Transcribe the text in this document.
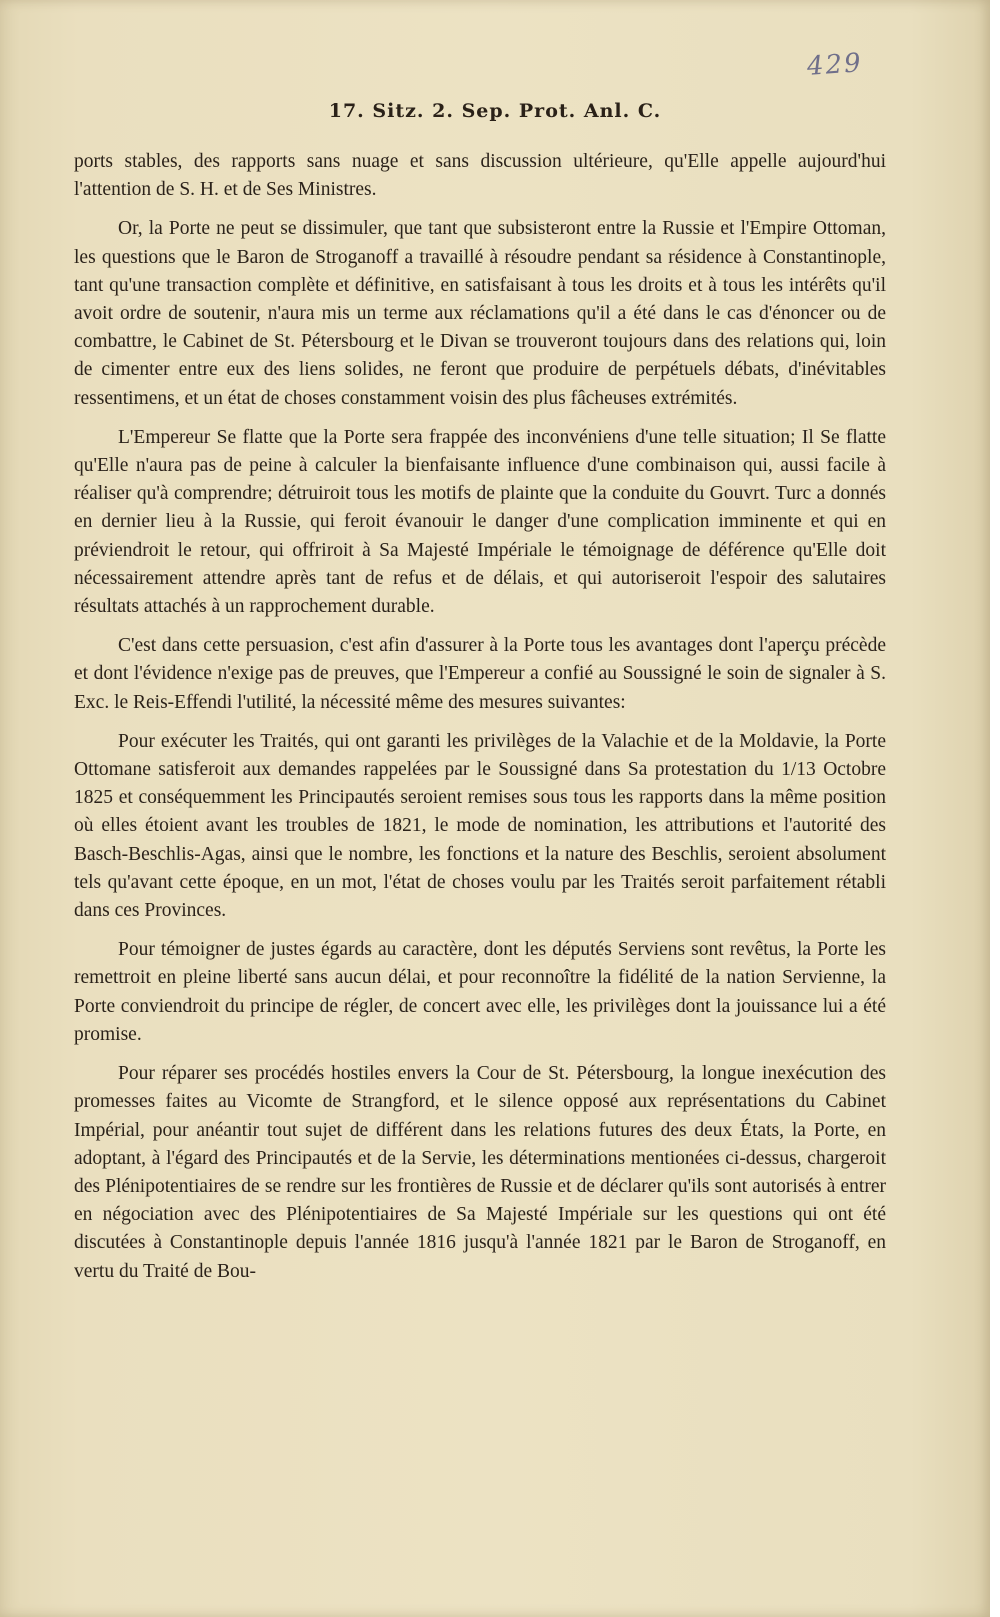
429
17. Sitz. 2. Sep. Prot. Anl. C.

ports stables, des rapports sans nuage et sans discussion ultérieure, qu'Elle appelle aujourd'hui l'attention de S. H. et de Ses Ministres.

Or, la Porte ne peut se dissimuler, que tant que subsisteront entre la Russie et l'Empire Ottoman, les questions que le Baron de Stroganoff a travaillé à résoudre pendant sa résidence à Constantinople, tant qu'une transaction complète et définitive, en satisfaisant à tous les droits et à tous les intérêts qu'il avoit ordre de soutenir, n'aura mis un terme aux réclamations qu'il a été dans le cas d'énoncer ou de combattre, le Cabinet de St. Pétersbourg et le Divan se trouveront toujours dans des relations qui, loin de cimenter entre eux des liens solides, ne feront que produire de perpétuels débats, d'inévitables ressentimens, et un état de choses constamment voisin des plus fâcheuses extrémités.

L'Empereur Se flatte que la Porte sera frappée des inconvéniens d'une telle situation; Il Se flatte qu'Elle n'aura pas de peine à calculer la bienfaisante influence d'une combinaison qui, aussi facile à réaliser qu'à comprendre; détruiroit tous les motifs de plainte que la conduite du Gouvrt. Turc a donnés en dernier lieu à la Russie, qui feroit évanouir le danger d'une complication imminente et qui en préviendroit le retour, qui offriroit à Sa Majesté Impériale le témoignage de déférence qu'Elle doit nécessairement attendre après tant de refus et de délais, et qui autoriseroit l'espoir des salutaires résultats attachés à un rapprochement durable.

C'est dans cette persuasion, c'est afin d'assurer à la Porte tous les avantages dont l'aperçu précède et dont l'évidence n'exige pas de preuves, que l'Empereur a confié au Soussigné le soin de signaler à S. Exc. le Reis-Effendi l'utilité, la nécessité même des mesures suivantes:

Pour exécuter les Traités, qui ont garanti les privilèges de la Valachie et de la Moldavie, la Porte Ottomane satisferoit aux demandes rappelées par le Soussigné dans Sa protestation du 1/13 Octobre 1825 et conséquemment les Principautés seroient remises sous tous les rapports dans la même position où elles étoient avant les troubles de 1821, le mode de nomination, les attributions et l'autorité des Basch-Beschlis-Agas, ainsi que le nombre, les fonctions et la nature des Beschlis, seroient absolument tels qu'avant cette époque, en un mot, l'état de choses voulu par les Traités seroit parfaitement rétabli dans ces Provinces.

Pour témoigner de justes égards au caractère, dont les députés Serviens sont revêtus, la Porte les remettroit en pleine liberté sans aucun délai, et pour reconnoître la fidélité de la nation Servienne, la Porte conviendroit du principe de régler, de concert avec elle, les privilèges dont la jouissance lui a été promise.

Pour réparer ses procédés hostiles envers la Cour de St. Pétersbourg, la longue inexécution des promesses faites au Vicomte de Strangford, et le silence opposé aux représentations du Cabinet Impérial, pour anéantir tout sujet de différent dans les relations futures des deux États, la Porte, en adoptant, à l'égard des Principautés et de la Servie, les déterminations mentionées ci-dessus, chargeroit des Plénipotentiaires de se rendre sur les frontières de Russie et de déclarer qu'ils sont autorisés à entrer en négociation avec des Plénipotentiaires de Sa Majesté Impériale sur les questions qui ont été discutées à Constantinople depuis l'année 1816 jusqu'à l'année 1821 par le Baron de Stroganoff, en vertu du Traité de Bou-
